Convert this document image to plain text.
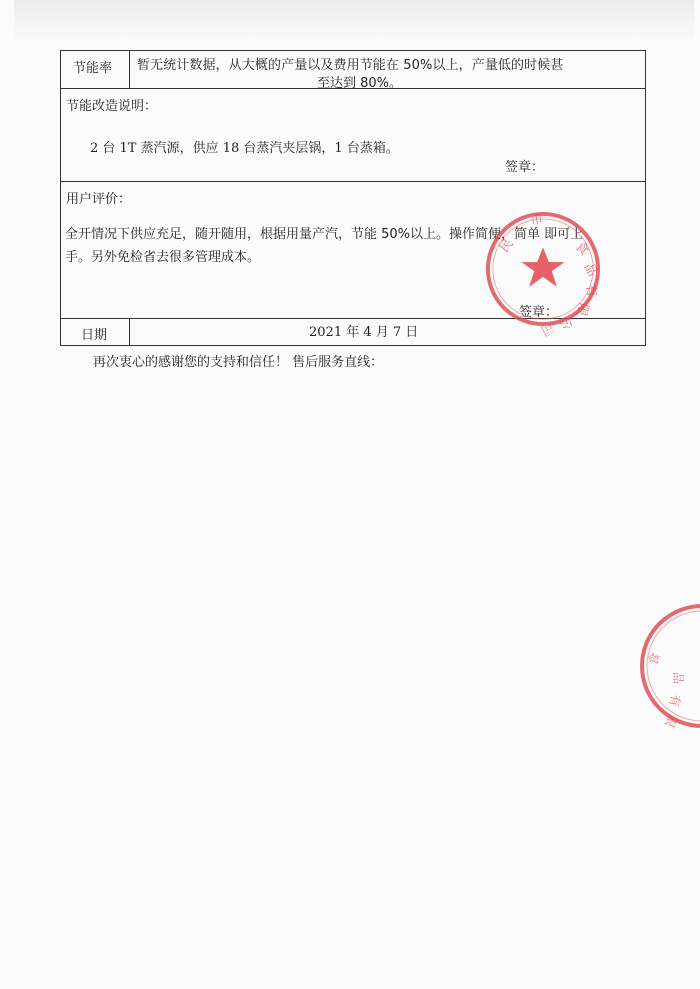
节能率 暂无统计数据，从大概的产量以及费用节能在 50%以上，产量低的时候甚
至达到 80%。
节能改造说明：
2 台 1T 蒸汽源，供应 18 台蒸汽夹层锅，1 台蒸箱。
签章：
用户评价：
全开情况下供应充足，随开随用，根据用量产汽，节能 50%以上。操作简便，简单 即可上
手。另外免检省去很多管理成本。
签章：
日期	2021 年 4 月 7 日
再次衷心的感谢您的支持和信任！ 售后服务直线：
民
市
食
品
有
限
公
司
食
品
有
限
